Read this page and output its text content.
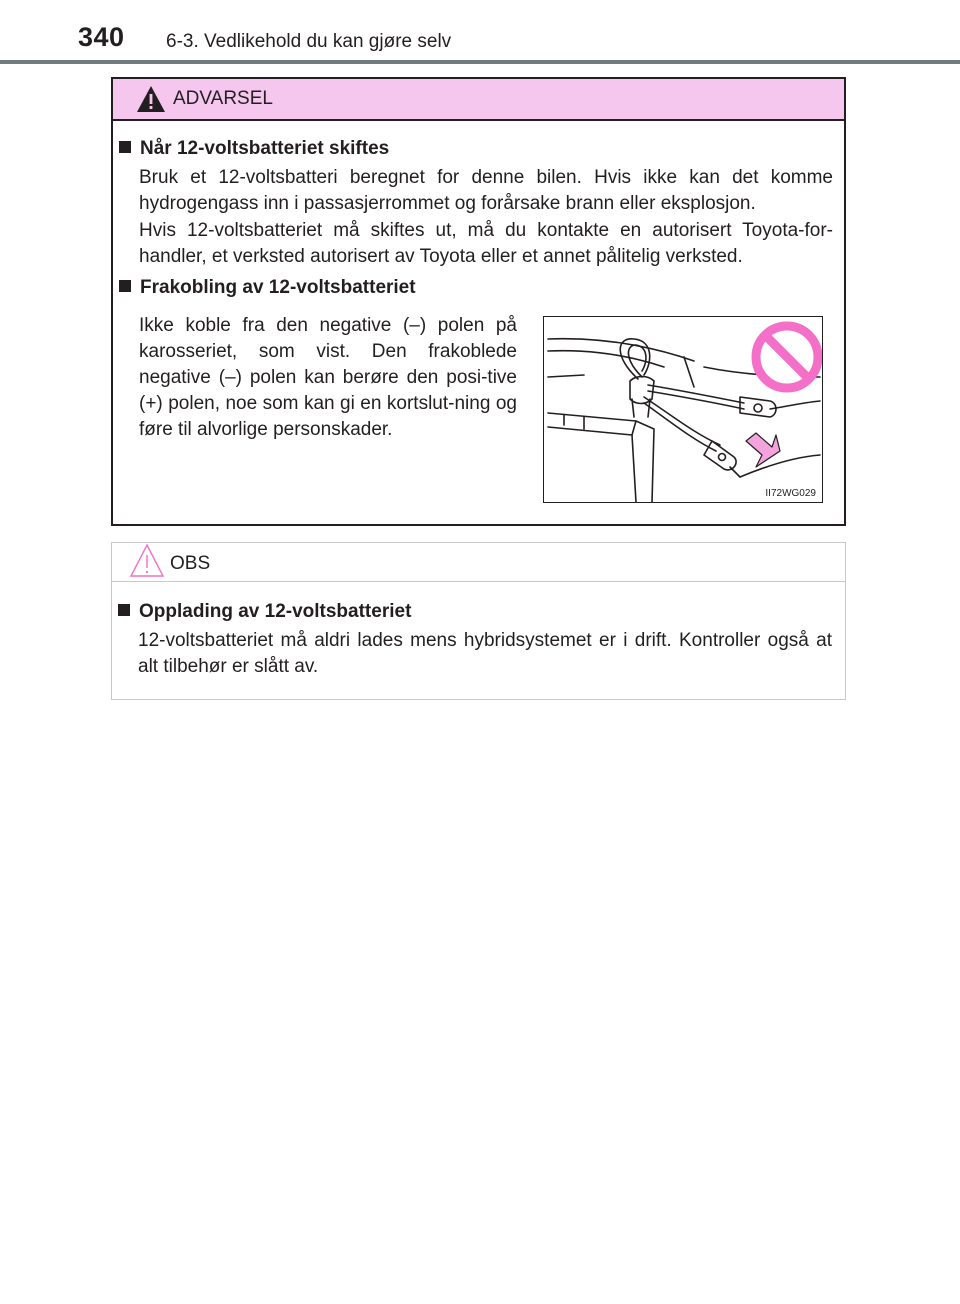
340 6-3. Vedlikehold du kan gjøre selv
ADVARSEL
Når 12-voltsbatteriet skiftes
Bruk et 12-voltsbatteri beregnet for denne bilen. Hvis ikke kan det komme hydrogengass inn i passasjerrommet og forårsake brann eller eksplosjon.
Hvis 12-voltsbatteriet må skiftes ut, må du kontakte en autorisert Toyota-for-handler, et verksted autorisert av Toyota eller et annet pålitelig verksted.
Frakobling av 12-voltsbatteriet
Ikke koble fra den negative (–) polen på karosseriet, som vist. Den frakoblede negative (–) polen kan berøre den posi-tive (+) polen, noe som kan gi en kortslut-ning og føre til alvorlige personskader.
II72WG029
OBS
Opplading av 12-voltsbatteriet
12-voltsbatteriet må aldri lades mens hybridsystemet er i drift. Kontroller også at alt tilbehør er slått av.
